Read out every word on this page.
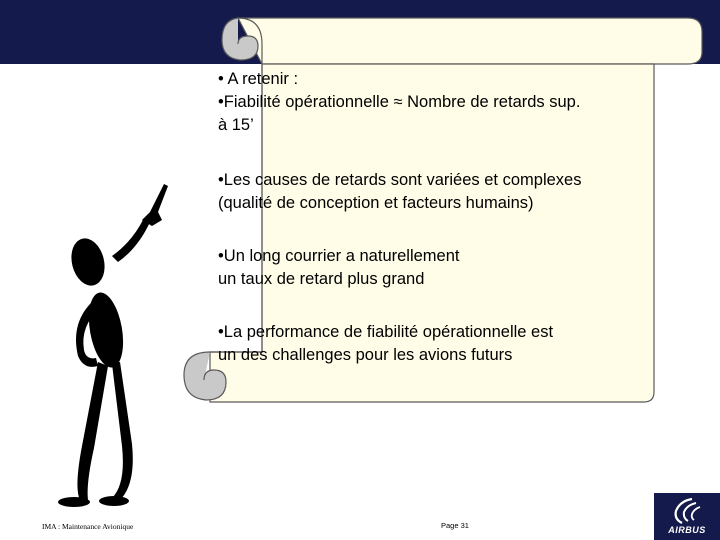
• A retenir :

•Fiabilité opérationnelle ≈ Nombre de retards sup.
à 15’

•Les causes de retards sont variées et complexes
(qualité de conception et facteurs humains)

•Un long courrier a naturellement
un taux de retard plus grand

•La performance de fiabilité opérationnelle est
un des challenges pour les avions futurs

IMA : Maintenance Avionique	Page 31	AIRBUS
